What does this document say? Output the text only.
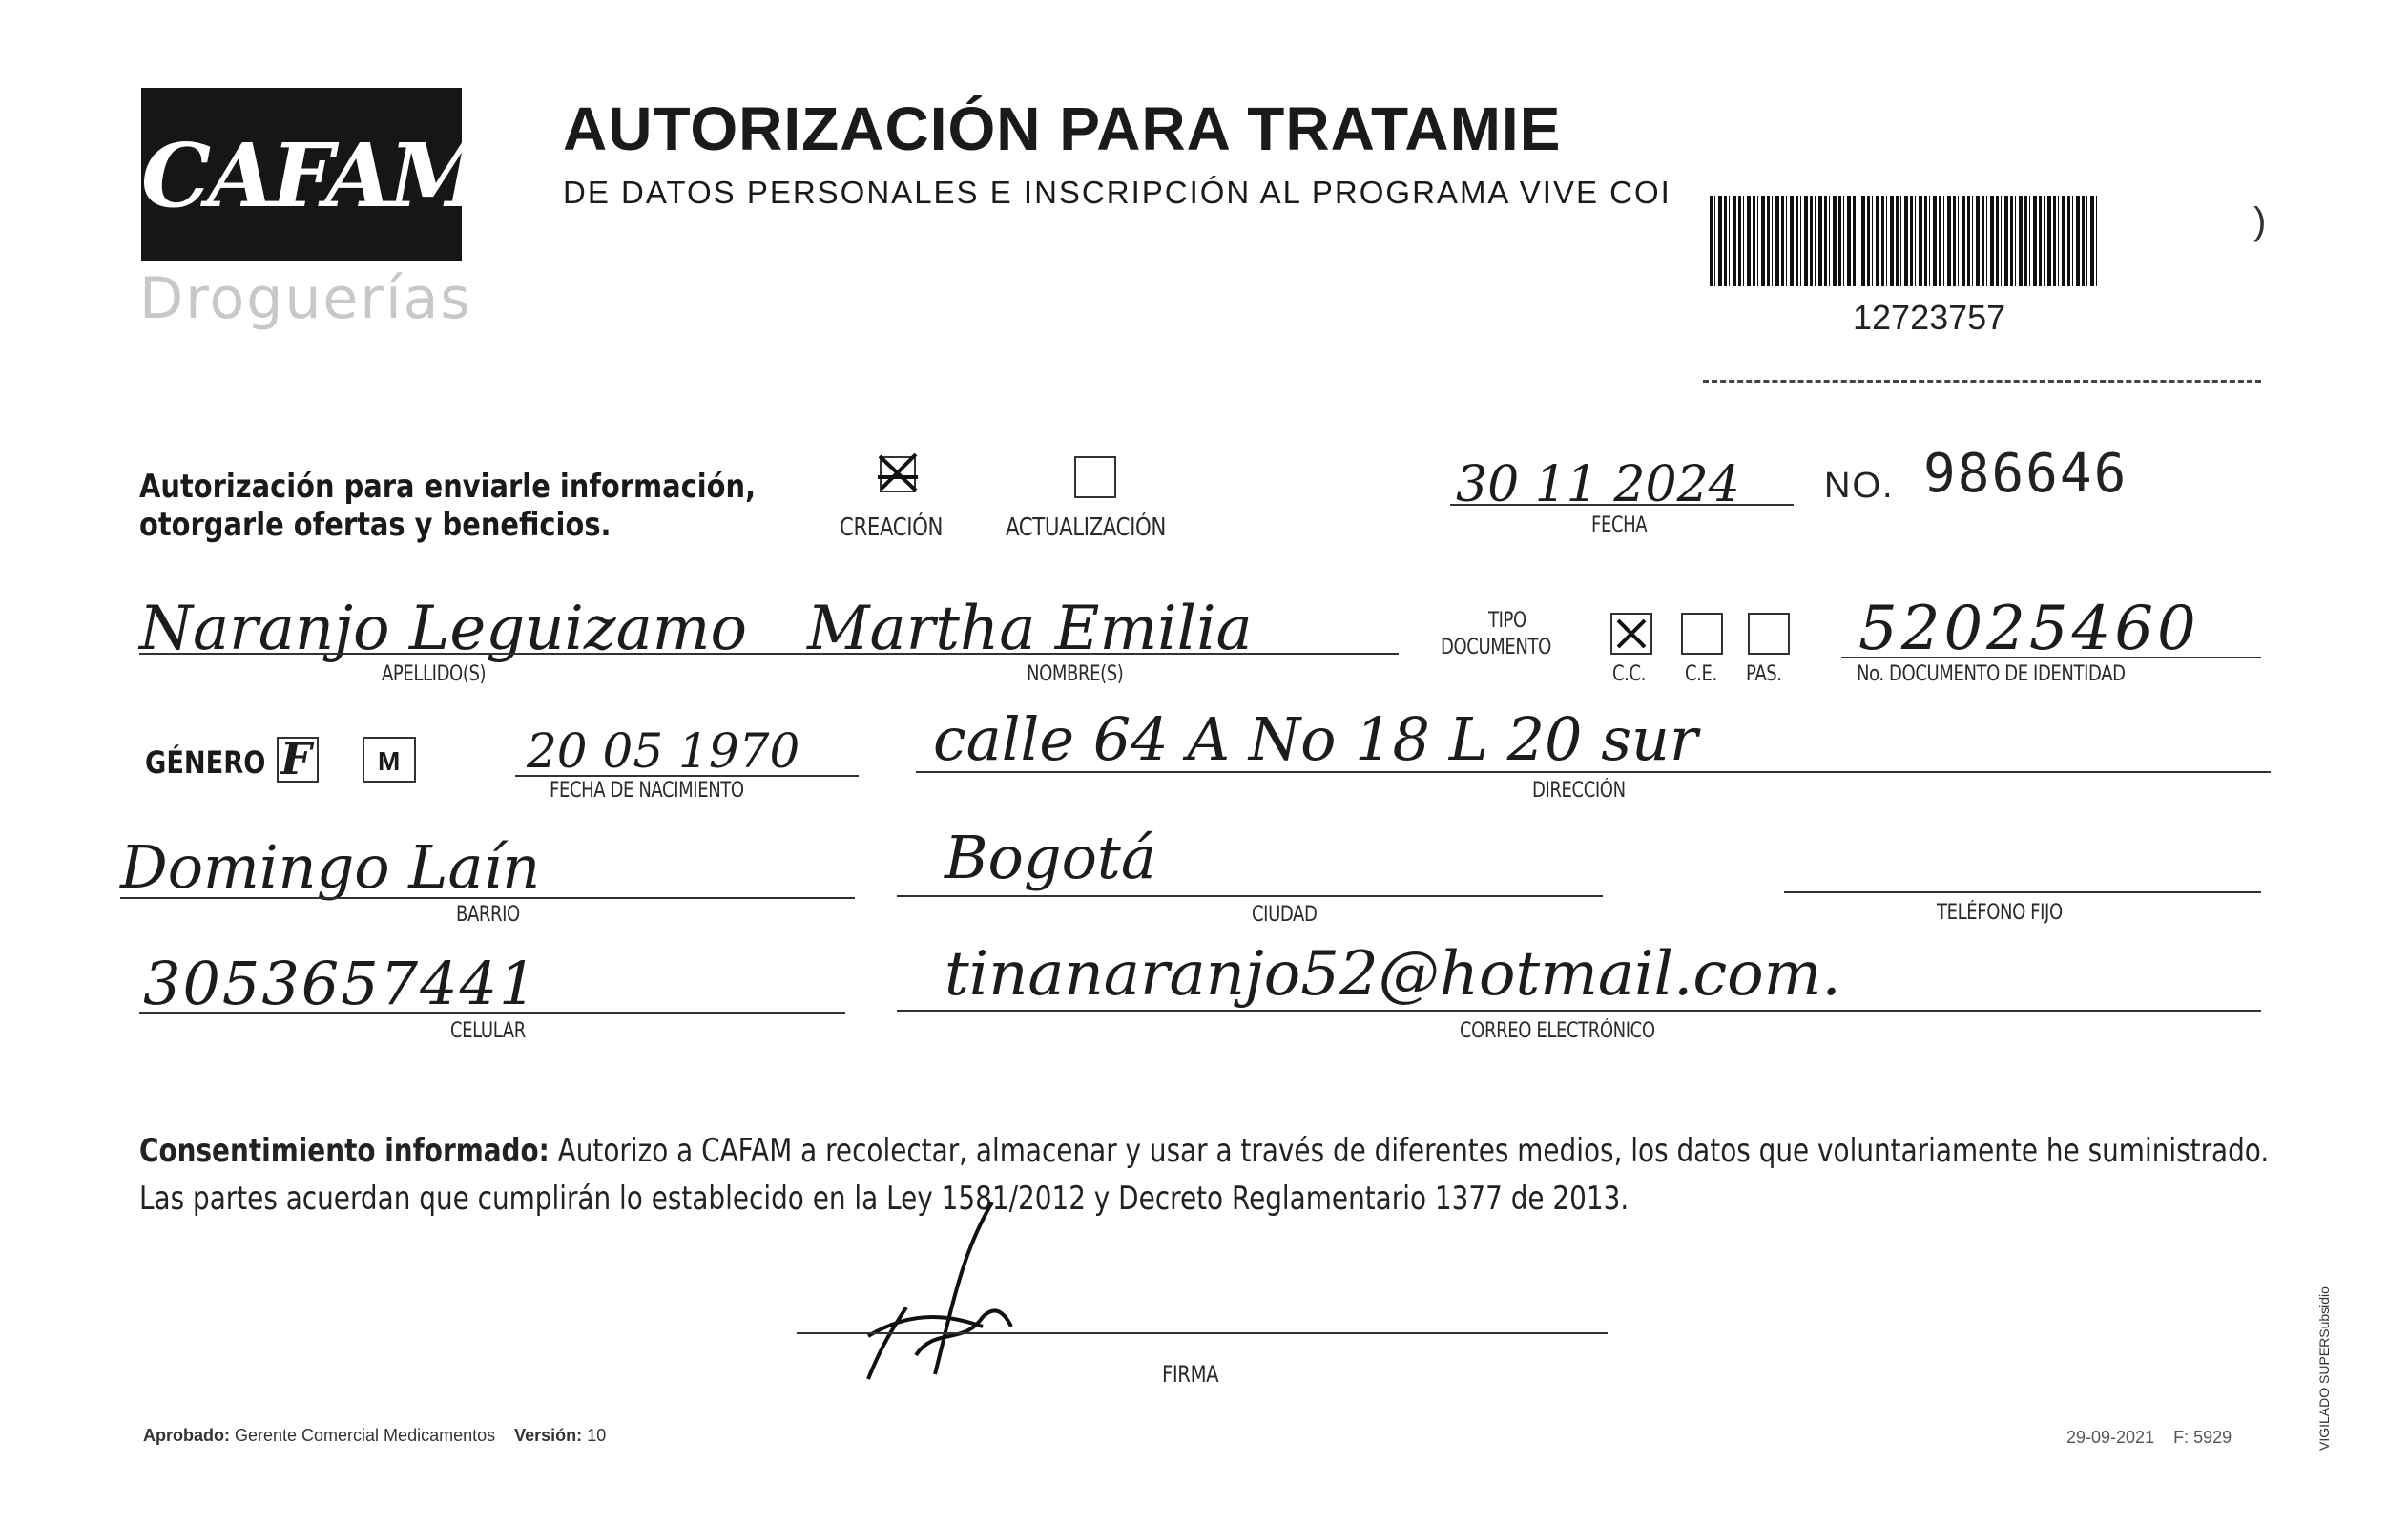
CAFAM
Droguerías
AUTORIZACIÓN PARA TRATAMIE
DE DATOS PERSONALES E INSCRIPCIÓN AL PROGRAMA VIVE COI
12723757
)
Autorización para enviarle información,
otorgarle ofertas y beneficios.	CREACIÓN	ACTUALIZACIÓN
30 11 2024
FECHA
NO. 986646
Naranjo Leguizamo Martha Emilia
APELLIDO(S)	NOMBRE(S)
TIPO
DOCUMENTO
C.C. C.E. PAS.
52025460
No. DOCUMENTO DE IDENTIDAD
GÉNERO F M	20 05 1970
FECHA DE NACIMIENTO
calle 64 A No 18 L 20 sur
DIRECCIÓN
Domingo Laín
BARRIO
Bogotá
CIUDAD	TELÉFONO FIJO
3053657441
CELULAR
tinanaranjo52@hotmail.com.
CORREO ELECTRÓNICO
Consentimiento informado: Autorizo a CAFAM a recolectar, almacenar y usar a través de diferentes medios, los datos que voluntariamente he suministrado.
Las partes acuerdan que cumplirán lo establecido en la Ley 1581/2012 y Decreto Reglamentario 1377 de 2013.
FIRMA
Aprobado: Gerente Comercial Medicamentos Versión: 10	29-09-2021 F: 5929	VIGILADO SUPERSubsidio
